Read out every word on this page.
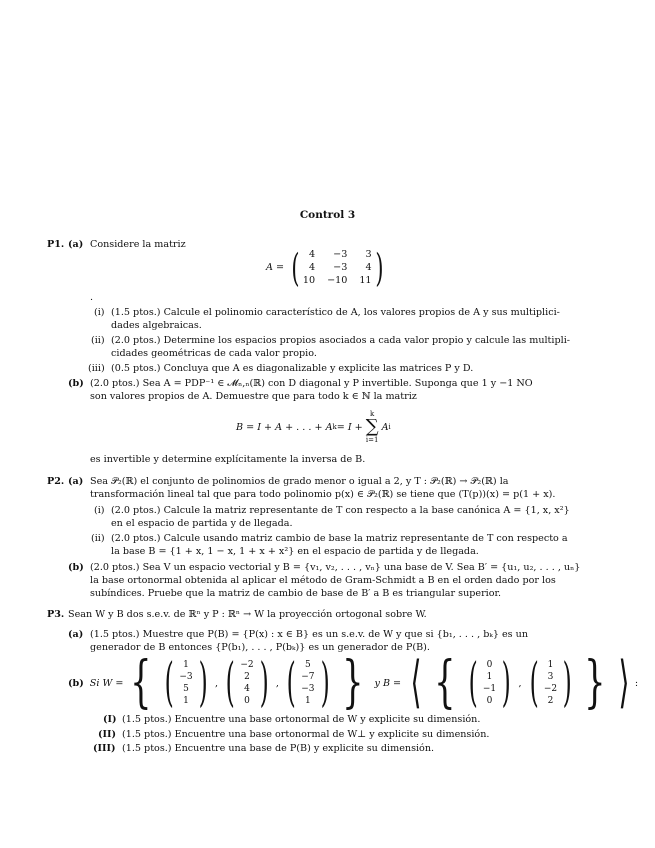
Control 3
P1. (a) Considere la matriz
A = ( 4	−3	3
4	−3	4
10 −10 11 )
.
(i) (1.5 ptos.) Calcule el polinomio característico de A, los valores propios de A y sus multiplici-
dades algebraicas.
(ii) (2.0 ptos.) Determine los espacios propios asociados a cada valor propio y calcule las multipli-
cidades geométricas de cada valor propio.
(iii) (0.5 ptos.) Concluya que A es diagonalizable y explicite las matrices P y D.
(b) (2.0 ptos.) Sea A = PDP⁻¹ ∈ 𝓜ₙ,ₙ(ℝ) con D diagonal y P invertible. Suponga que 1 y −1 NO
son valores propios de A. Demuestre que para todo k ∈ ℕ la matriz
B = I + A + . . . + A k = I +
k
∑
i=1
A i
es invertible y determine explícitamente la inversa de B.
P2. (a) Sea 𝒫₂(ℝ) el conjunto de polinomios de grado menor o igual a 2, y T : 𝒫₂(ℝ) → 𝒫₂(ℝ) la
transformación lineal tal que para todo polinomio p(x) ∈ 𝒫₂(ℝ) se tiene que (T(p))(x) = p(1 + x).
(i) (2.0 ptos.) Calcule la matriz representante de T con respecto a la base canónica A = {1, x, x²}
en el espacio de partida y de llegada.
(ii) (2.0 ptos.) Calcule usando matriz cambio de base la matriz representante de T con respecto a
la base B = {1 + x, 1 − x, 1 + x + x²} en el espacio de partida y de llegada.
(b) (2.0 ptos.) Sea V un espacio vectorial y B = {v₁, v₂, . . . , vₙ} una base de V. Sea B′ = {u₁, u₂, . . . , uₙ}
la base ortonormal obtenida al aplicar el método de Gram-Schmidt a B en el orden dado por los
subíndices. Pruebe que la matriz de cambio de base de B′ a B es triangular superior.
P3. Sean W y B dos s.e.v. de ℝⁿ y P : ℝⁿ → W la proyección ortogonal sobre W.
(a) (1.5 ptos.) Muestre que P(B) = {P(x) : x ∈ B} es un s.e.v. de W y que si {b₁, . . . , bₖ} es un
generador de B entonces {P(b₁), . . . , P(bₖ)} es un generador de P(B).
(b) Si W = { ( 1
−3
5
1 ) , ( −2
2
4
0 ) , ( 5
−7
−3
1 ) } y B = ⟨ { ( 0
1
−1
0 ) , ( 1
3
−2
2 ) } ⟩ :
(I) (1.5 ptos.) Encuentre una base ortonormal de W y explicite su dimensión.
(II) (1.5 ptos.) Encuentre una base ortonormal de W⊥ y explicite su dimensión.
(III) (1.5 ptos.) Encuentre una base de P(B) y explicite su dimensión.
